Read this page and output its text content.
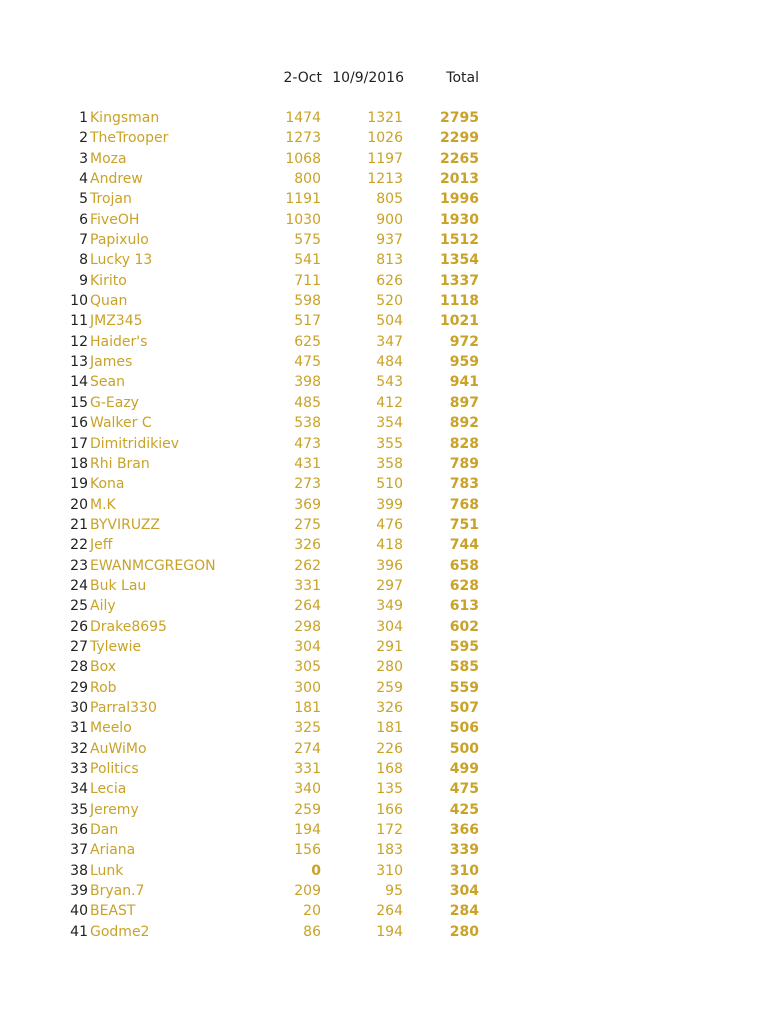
2-Oct 10/9/2016	Total
1 Kingsman	1474	1321	2795
2 TheTrooper	1273	1026	2299
3 Moza	1068	1197	2265
4 Andrew	800	1213	2013
5 Trojan	1191	805	1996
6 FiveOH	1030	900	1930
7 Papixulo	575	937	1512
8 Lucky 13	541	813	1354
9 Kirito	711	626	1337
10 Quan	598	520	1118
11 JMZ345	517	504	1021
12 Haider's	625	347	972
13 James	475	484	959
14 Sean	398	543	941
15 G-Eazy	485	412	897
16 Walker C	538	354	892
17 Dimitridikiev	473	355	828
18 Rhi Bran	431	358	789
19 Kona	273	510	783
20 M.K	369	399	768
21 BYVIRUZZ	275	476	751
22 Jeff	326	418	744
23 EWANMCGREGON	262	396	658
24 Buk Lau	331	297	628
25 Aily	264	349	613
26 Drake8695	298	304	602
27 Tylewie	304	291	595
28 Box	305	280	585
29 Rob	300	259	559
30 Parral330	181	326	507
31 Meelo	325	181	506
32 AuWiMo	274	226	500
33 Politics	331	168	499
34 Lecia	340	135	475
35 Jeremy	259	166	425
36 Dan	194	172	366
37 Ariana	156	183	339
38 Lunk	0	310	310
39 Bryan.7	209	95	304
40 BEAST	20	264	284
41 Godme2	86	194	280
